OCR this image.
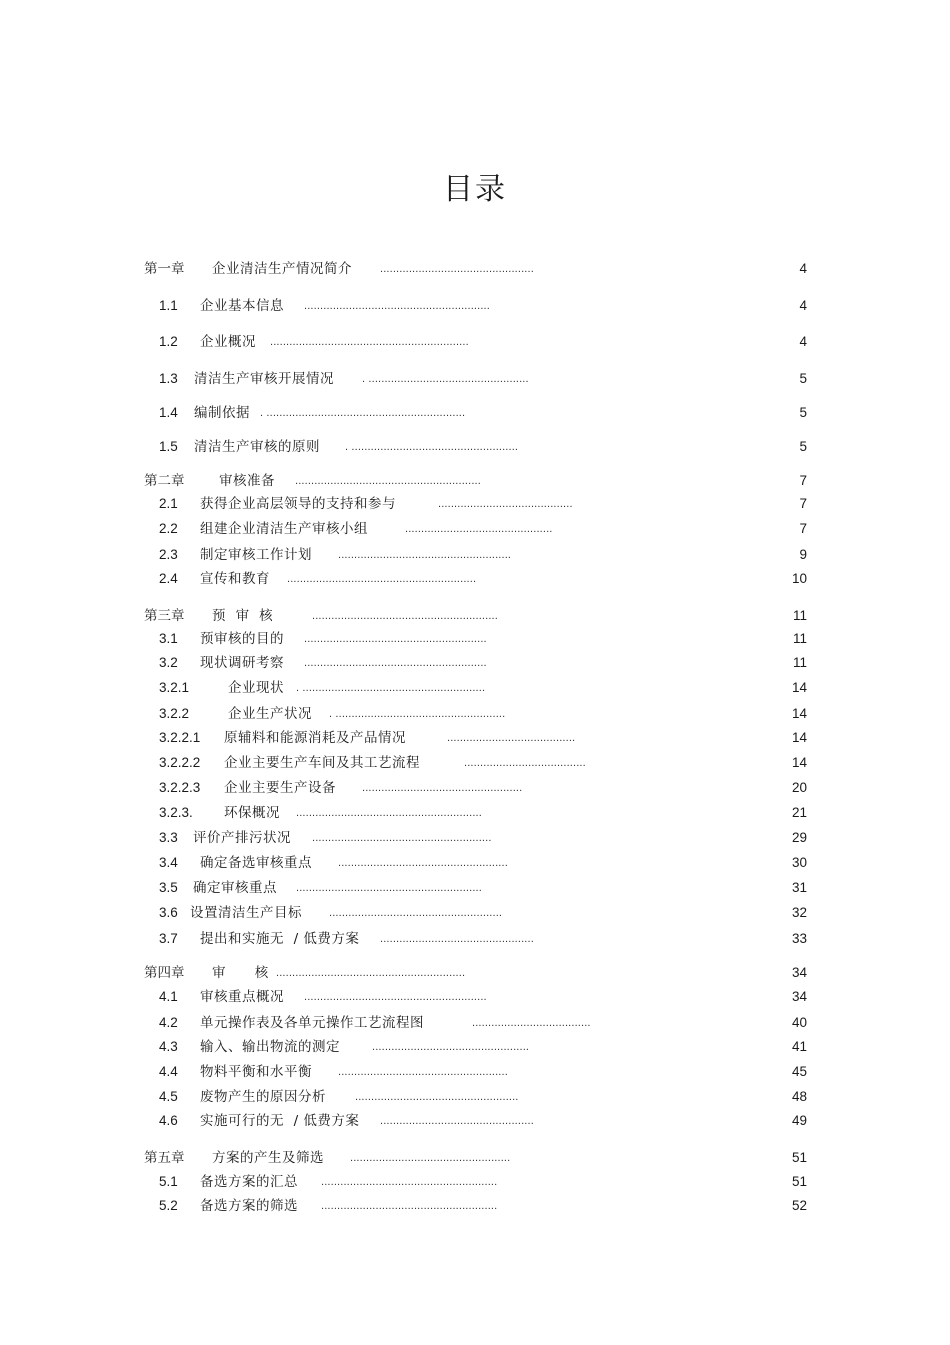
目录
第一章 企业清洁生产情况简介	................................................	4
1.1 企业基本信息 ..........................................................	4
1.2 企业概况 ..............................................................	4
1.3 清洁生产审核开展情况	. ..................................................	5
1.4 编制依据 . ..............................................................	5
1.5 清洁生产审核的原则 . ....................................................	5
第二章	审核准备 ..........................................................	7
2.1 获得企业高层领导的支持和参与	..........................................	7
2.2 组建企业清洁生产审核小组	..............................................	7
2.3 制定审核工作计划 ......................................................	9
2.4 宣传和教育 ...........................................................	10
第三章 预  审  核	..........................................................	11
3.1 预审核的目的 .........................................................	11
3.2 现状调研考察 .........................................................	11
3.2.1	企业现状 . .........................................................	14
3.2.2	企业生产状况 . .....................................................	14
3.2.2.1 原辅料和能源消耗及产品情况	........................................	14
3.2.2.2 企业主要生产车间及其工艺流程	......................................	14
3.2.2.3 企业主要生产设备 ..................................................	20
3.2.3. 环保概况 ..........................................................	21
3.3 评价产排污状况 ........................................................	29
3.4 确定备选审核重点 .....................................................	30
3.5 确定审核重点 ..........................................................	31
3.6 设置清洁生产目标 ......................................................	32
3.7 提出和实施无  / 低费方案 ................................................	33
第四章 审      核 ...........................................................	34
4.1 审核重点概况 .........................................................	34
4.2 单元操作表及各单元操作工艺流程图	.....................................	40
4.3 输入、输出物流的测定	.................................................	41
4.4 物料平衡和水平衡 .....................................................	45
4.5 废物产生的原因分析	...................................................	48
4.6 实施可行的无  / 低费方案 ................................................	49
第五章 方案的产生及筛选 ..................................................	51
5.1 备选方案的汇总 .......................................................	51
5.2 备选方案的筛选 .......................................................	52
